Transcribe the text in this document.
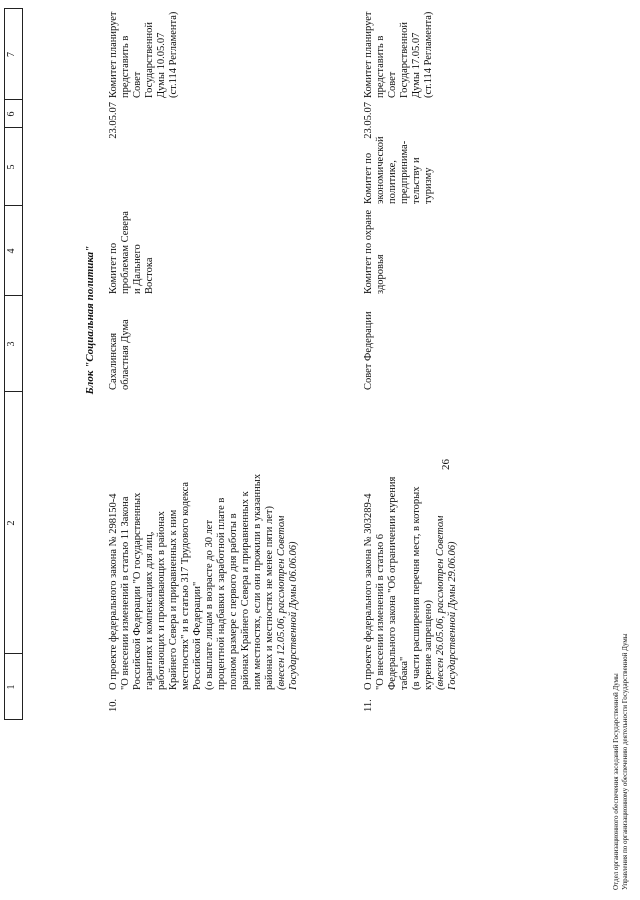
26
1
2
3
4
5
6
7
Блок "Социальная политика"
10.
О проекте федерального закона № 298150-4 "О внесении изменений в статью 11 Закона Российской Федерации "О государственных гарантиях и компенсациях для лиц, работающих и проживающих в районах Крайнего Севера и приравненных к ним местностях" и в статью 317 Трудового кодекса Российской Федерации" (о выплате лицам в возрасте до 30 лет процентной надбавки к заработной плате в полном размере с первого дня работы в районах Крайнего Севера и приравненных к ним местностях, если они прожили в указанных районах и местностях не менее пяти лет) (внесен 12.05.06, рассмотрен Советом Государственной Думы 06.06.06)
Сахалинская областная Дума
Комитет по проблемам Севера и Дальнего Востока
23.05.07
Комитет планирует представить в Совет Государственной Думы 10.05.07 (ст.114 Регламента)
11.
О проекте федерального закона № 303289-4 "О внесении изменений в статью 6 Федерального закона "Об ограничении курения табака" (в части расширения перечня мест, в которых курение запрещено) (внесен 26.05.06, рассмотрен Советом Государственной Думы 29.06.06)
Совет Федерации
Комитет по охране здоровья
Комитет по экономической политике, предпринима-тельству и туризму
23.05.07
Комитет планирует представить в Совет Государственной Думы 17.05.07 (ст.114 Регламента)
Отдел организационного обеспечения заседаний Государственной Думы Управления по организационному обеспечению деятельности Государственной Думы
